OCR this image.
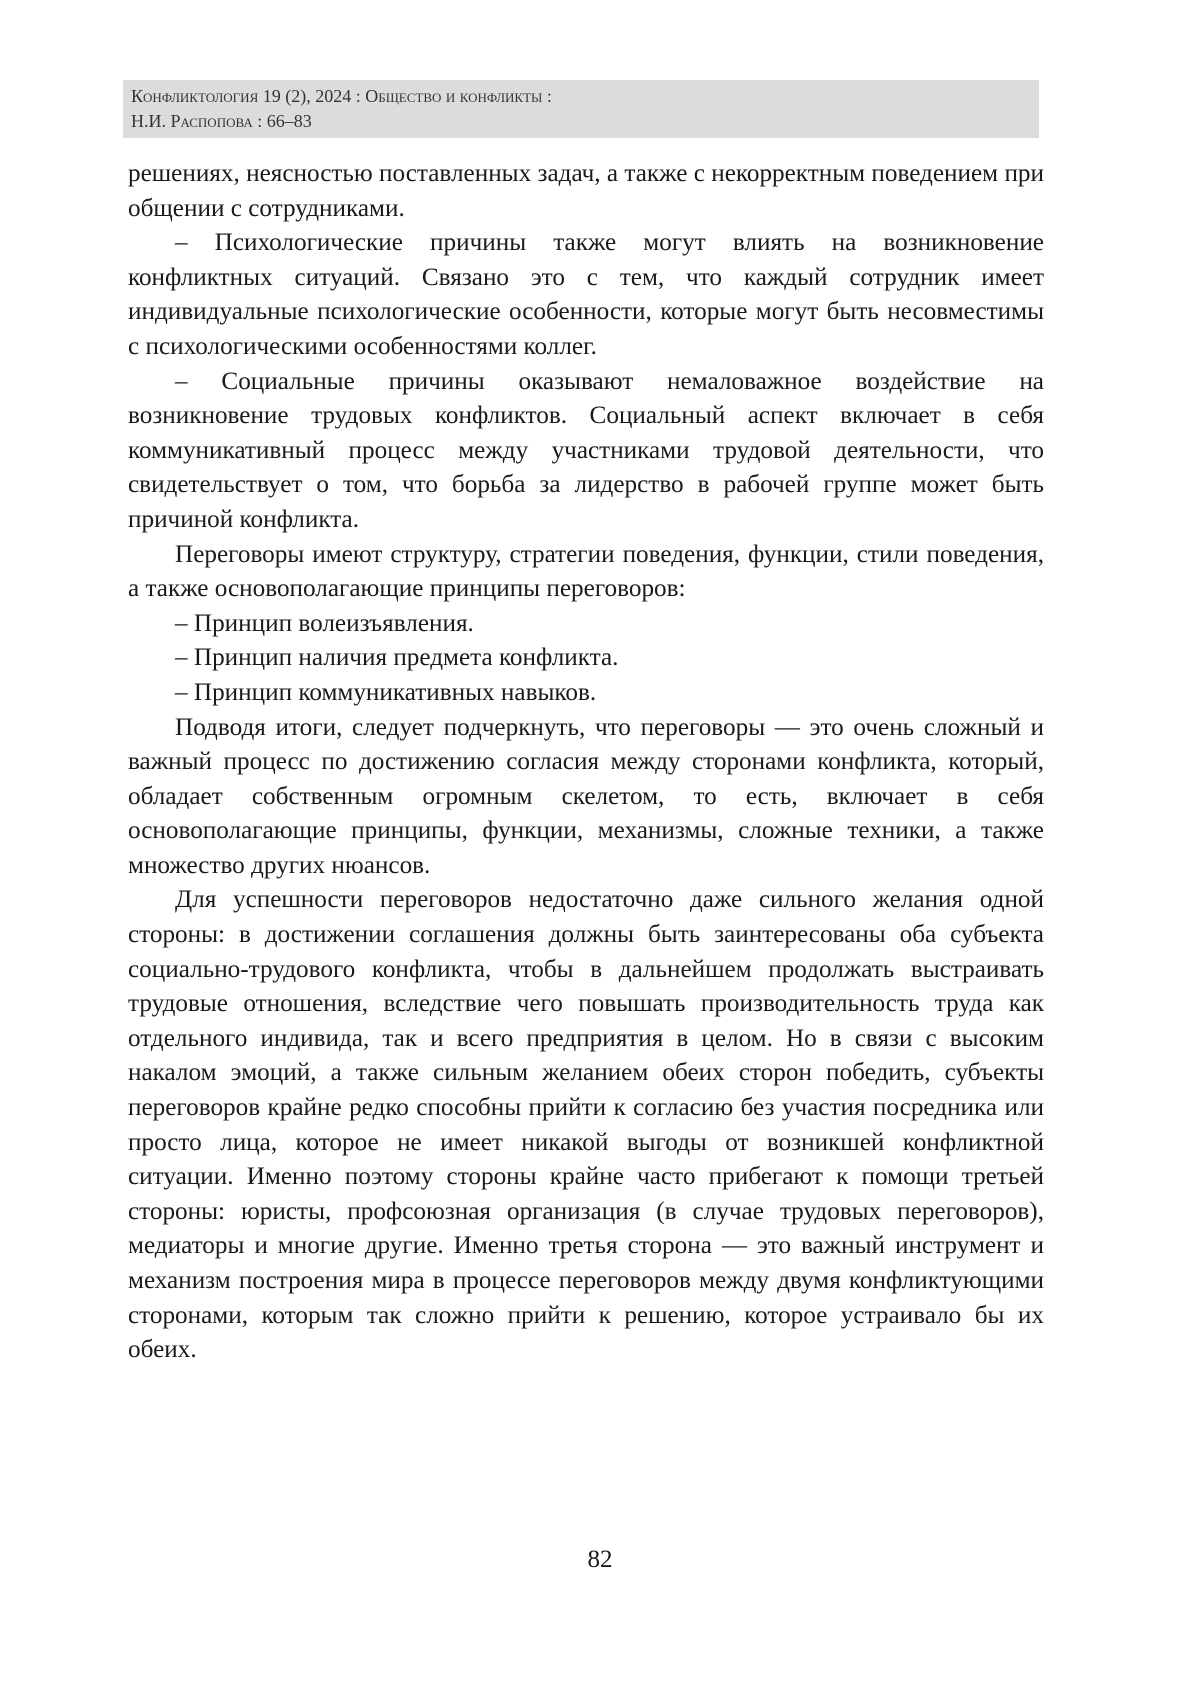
Конфликтология 19 (2), 2024 : Общество и конфликты :
Н.И. Распопова : 66–83

решениях, неясностью поставленных задач, а также с некорректным поведением при общении с сотрудниками.

– Психологические причины также могут влиять на возникновение конфликтных ситуаций. Связано это с тем, что каждый сотрудник имеет индивидуальные психологические особенности, которые могут быть несовместимы с психологическими особенностями коллег.

– Социальные причины оказывают немаловажное воздействие на возникновение трудовых конфликтов. Социальный аспект включает в себя коммуникативный процесс между участниками трудовой деятельности, что свидетельствует о том, что борьба за лидерство в рабочей группе может быть причиной конфликта.

Переговоры имеют структуру, стратегии поведения, функции, стили поведения, а также основополагающие принципы переговоров:

– Принцип волеизъявления.

– Принцип наличия предмета конфликта.

– Принцип коммуникативных навыков.

Подводя итоги, следует подчеркнуть, что переговоры — это очень сложный и важный процесс по достижению согласия между сторонами конфликта, который, обладает собственным огромным скелетом, то есть, включает в себя основополагающие принципы, функции, механизмы, сложные техники, а также множество других нюансов.

Для успешности переговоров недостаточно даже сильного желания одной стороны: в достижении соглашения должны быть заинтересованы оба субъекта социально-трудового конфликта, чтобы в дальнейшем продолжать выстраивать трудовые отношения, вследствие чего повышать производительность труда как отдельного индивида, так и всего предприятия в целом. Но в связи с высоким накалом эмоций, а также сильным желанием обеих сторон победить, субъекты переговоров крайне редко способны прийти к согласию без участия посредника или просто лица, которое не имеет никакой выгоды от возникшей конфликтной ситуации. Именно поэтому стороны крайне часто прибегают к помощи третьей стороны: юристы, профсоюзная организация (в случае трудовых переговоров), медиаторы и многие другие. Именно третья сторона — это важный инструмент и механизм построения мира в процессе переговоров между двумя конфликтующими сторонами, которым так сложно прийти к решению, которое устраивало бы их обеих.

82
